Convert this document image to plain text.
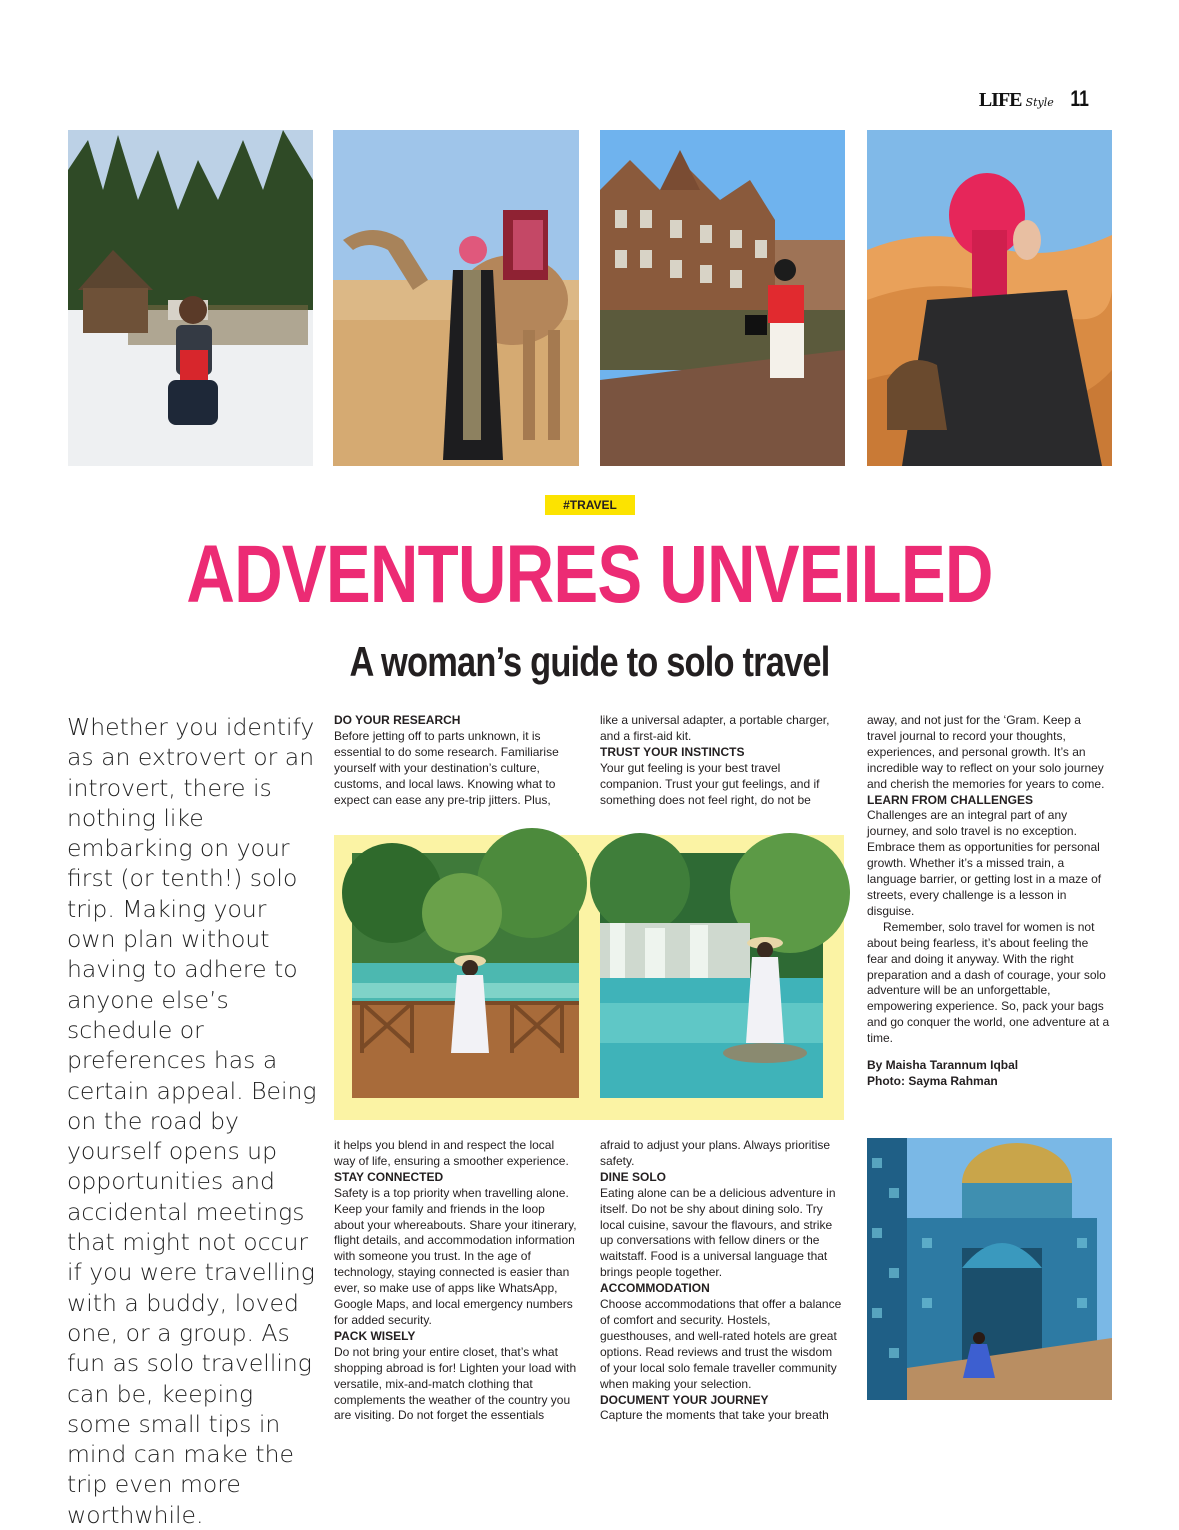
LIFE Style 11
#TRAVEL
ADVENTURES UNVEILED
A woman’s guide to solo travel
Whether you identify as an extrovert or an introvert, there is nothing like embarking on your first (or tenth!) solo trip. Making your own plan without having to adhere to anyone else’s schedule or preferences has a certain appeal. Being on the road by yourself opens up opportunities and accidental meetings that might not occur if you were travelling with a buddy, loved one, or a group. As fun as solo travelling can be, keeping some small tips in mind can make the trip even more worthwhile.
DO YOUR RESEARCH

Before jetting off to parts unknown, it is essential to do some research. Familiarise yourself with your destination’s culture, customs, and local laws. Knowing what to expect can ease any pre-trip jitters. Plus,

like a universal adapter, a portable charger, and a first-aid kit.

TRUST YOUR INSTINCTS

Your gut feeling is your best travel companion. Trust your gut feelings, and if something does not feel right, do not be

it helps you blend in and respect the local way of life, ensuring a smoother experience.

STAY CONNECTED

Safety is a top priority when travelling alone. Keep your family and friends in the loop about your whereabouts. Share your itinerary, flight details, and accommodation information with someone you trust. In the age of technology, staying connected is easier than ever, so make use of apps like WhatsApp, Google Maps, and local emergency numbers for added security.

PACK WISELY

Do not bring your entire closet, that’s what shopping abroad is for! Lighten your load with versatile, mix-and-match clothing that complements the weather of the country you are visiting. Do not forget the essentials

afraid to adjust your plans. Always prioritise safety.

DINE SOLO

Eating alone can be a delicious adventure in itself. Do not be shy about dining solo. Try local cuisine, savour the flavours, and strike up conversations with fellow diners or the waitstaff. Food is a universal language that brings people together.

ACCOMMODATION

Choose accommodations that offer a balance of comfort and security. Hostels, guesthouses, and well-rated hotels are great options. Read reviews and trust the wisdom of your local solo female traveller community when making your selection.

DOCUMENT YOUR JOURNEY

Capture the moments that take your breath

away, and not just for the ‘Gram. Keep a travel journal to record your thoughts, experiences, and personal growth. It’s an incredible way to reflect on your solo journey and cherish the memories for years to come.

LEARN FROM CHALLENGES

Challenges are an integral part of any journey, and solo travel is no exception. Embrace them as opportunities for personal growth. Whether it’s a missed train, a language barrier, or getting lost in a maze of streets, every challenge is a lesson in disguise.

Remember, solo travel for women is not about being fearless, it’s about feeling the fear and doing it anyway. With the right preparation and a dash of courage, your solo adventure will be an unforgettable, empowering experience. So, pack your bags and go conquer the world, one adventure at a time.

By Maisha Tarannum Iqbal

Photo: Sayma Rahman
